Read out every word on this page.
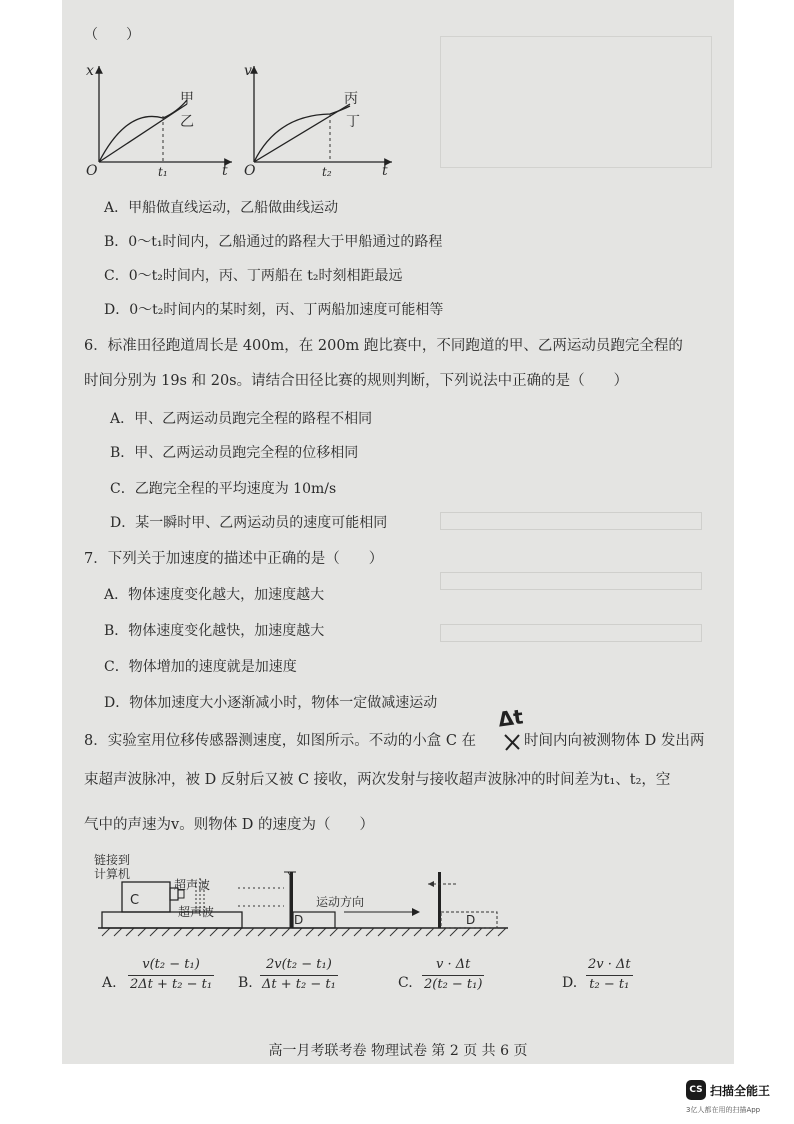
（　　）
x
甲
乙
O	t₁	t
v
丙
丁
O	t₂	t
A．甲船做直线运动，乙船做曲线运动
B．0～t₁时间内，乙船通过的路程大于甲船通过的路程
C．0～t₂时间内，丙、丁两船在 t₂时刻相距最远
D．0～t₂时间内的某时刻，丙、丁两船加速度可能相等
6．标准田径跑道周长是 400m，在 200m 跑比赛中，不同跑道的甲、乙两运动员跑完全程的
时间分别为 19s 和 20s。请结合田径比赛的规则判断，下列说法中正确的是（　　）
A．甲、乙两运动员跑完全程的路程不相同
B．甲、乙两运动员跑完全程的位移相同
C．乙跑完全程的平均速度为 10m/s
D．某一瞬时甲、乙两运动员的速度可能相同
7．下列关于加速度的描述中正确的是（　　）
A．物体速度变化越大，加速度越大
B．物体速度变化越快，加速度越大
C．物体增加的速度就是加速度
D．物体加速度大小逐渐减小时，物体一定做减速运动
8．实验室用位移传感器测速度，如图所示。不动的小盒 C 在
Δt
时间内向被测物体 D 发出两
束超声波脉冲，被 D 反射后又被 C 接收，两次发射与接收超声波脉冲的时间差为t₁、t₂，空
气中的声速为v。则物体 D 的速度为（　　）
链接到
计算机
C
超声波
超声波
运动方向
D	D
A.
v(t₂ − t₁)
2Δt + t₂ − t₁ B.
2v(t₂ − t₁)
Δt + t₂ − t₁	C.
v · Δt
2(t₂ − t₁)	D.
2v · Δt
t₂ − t₁
高一月考联考卷 物理试卷 第 2 页 共 6 页
CS 扫描全能王
3亿人都在用的扫描App
